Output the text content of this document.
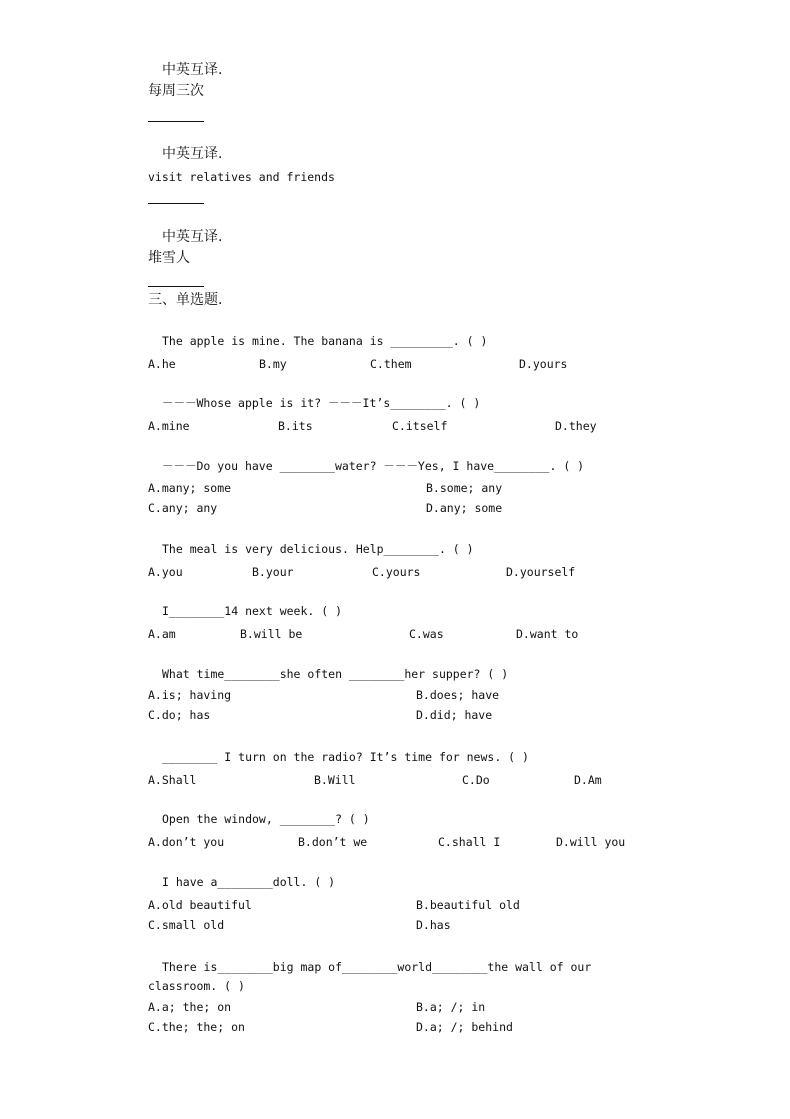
中英互译.
每周三次
中英互译.
visit relatives and friends
中英互译.
堆雪人
三、单选题.
The apple is mine. The banana is _________. ( )
A.he	B.my	C.them	D.yours
－－－Whose apple is it? －－－It’s________. ( )
A.mine	B.its	C.itself	D.they
－－－Do you have ________water? －－－Yes, I have________. ( )
A.many; some	B.some; any
C.any; any	D.any; some
The meal is very delicious. Help________. ( )
A.you	B.your	C.yours	D.yourself
I________14 next week. ( )
A.am	B.will be	C.was	D.want to
What time________she often ________her supper? ( )
A.is; having	B.does; have
C.do; has	D.did; have
________ I turn on the radio? It’s time for news. ( )
A.Shall	B.Will	C.Do	D.Am
Open the window, ________? ( )
A.don’t you	B.don’t we	C.shall I	D.will you
I have a________doll. ( )
A.old beautiful	B.beautiful old
C.small old	D.has
There is________big map of________world________the wall of our
classroom. ( )
A.a; the; on	B.a; /; in
C.the; the; on	D.a; /; behind
